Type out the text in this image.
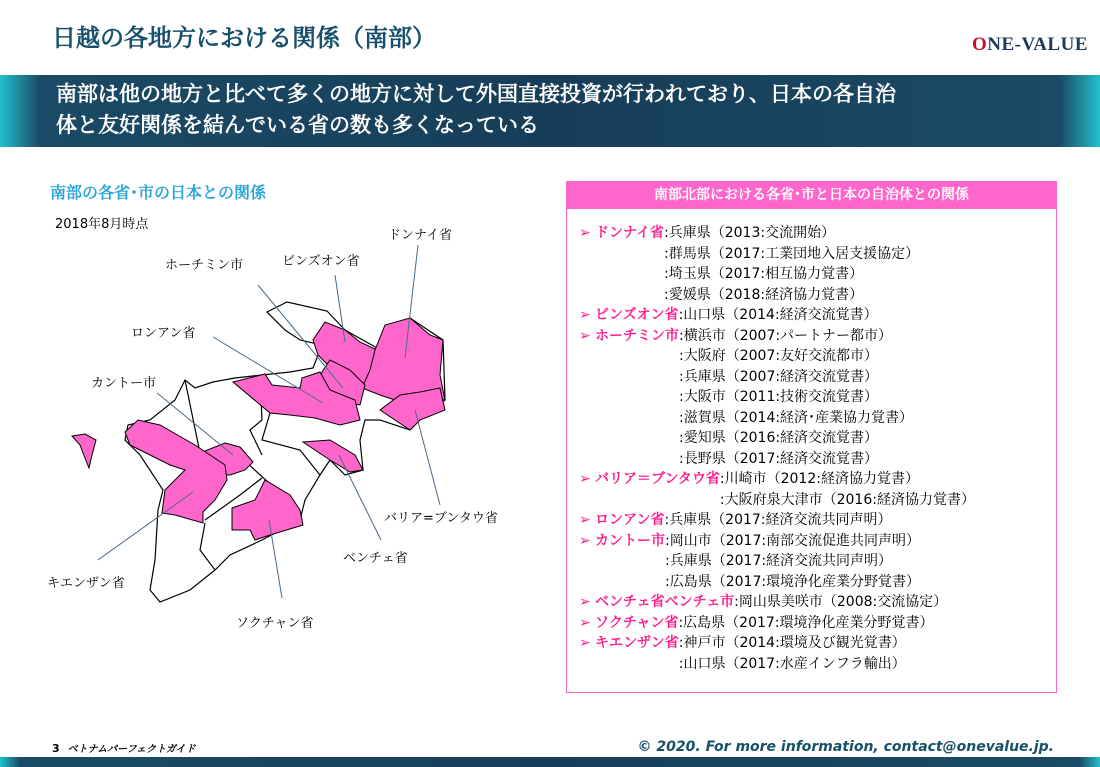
日越の各地方における関係（南部）	ONE-VALUE
南部は他の地方と比べて多くの地方に対して外国直接投資が行われており、日本の各自治
体と友好関係を結んでいる省の数も多くなっている
南部の各省･市の日本との関係
2018年8月時点
ドンナイ省
ビンズオン省
ホーチミン市
ロンアン省
カントー市
キエンザン省
ソクチャン省
ベンチェ省
バリア=ブンタウ省
南部北部における各省･市と日本の自治体との関係
➢ ドンナイ省 :兵庫県（2013:交流開始）
:群馬県（2017:工業団地入居支援協定）
:埼玉県（2017:相互協力覚書）
:愛媛県（2018:経済協力覚書）
➢ ビンズオン省 :山口県（2014:経済交流覚書）
➢ ホーチミン市 :横浜市（2007:パートナー都市）
:大阪府（2007:友好交流都市）
:兵庫県（2007:経済交流覚書）
:大阪市（2011:技術交流覚書）
:滋賀県（2014:経済･産業協力覚書）
:愛知県（2016:経済交流覚書）
:長野県（2017:経済交流覚書）
➢ バリア＝ブンタウ省 :川崎市（2012:経済協力覚書）
:大阪府泉大津市（2016:経済協力覚書）
➢ ロンアン省 :兵庫県（2017:経済交流共同声明）
➢ カントー市 :岡山市（2017:南部交流促進共同声明）
:兵庫県（2017:経済交流共同声明）
:広島県（2017:環境浄化産業分野覚書）
➢ ベンチェ省ベンチェ市 :岡山県美咲市（2008:交流協定）
➢ ソクチャン省 :広島県（2017:環境浄化産業分野覚書）
➢ キエンザン省 :神戸市（2014:環境及び観光覚書）
:山口県（2017:水産インフラ輸出）
3 ベトナムパーフェクトガイド	© 2020. For more information, contact@onevalue.jp.
